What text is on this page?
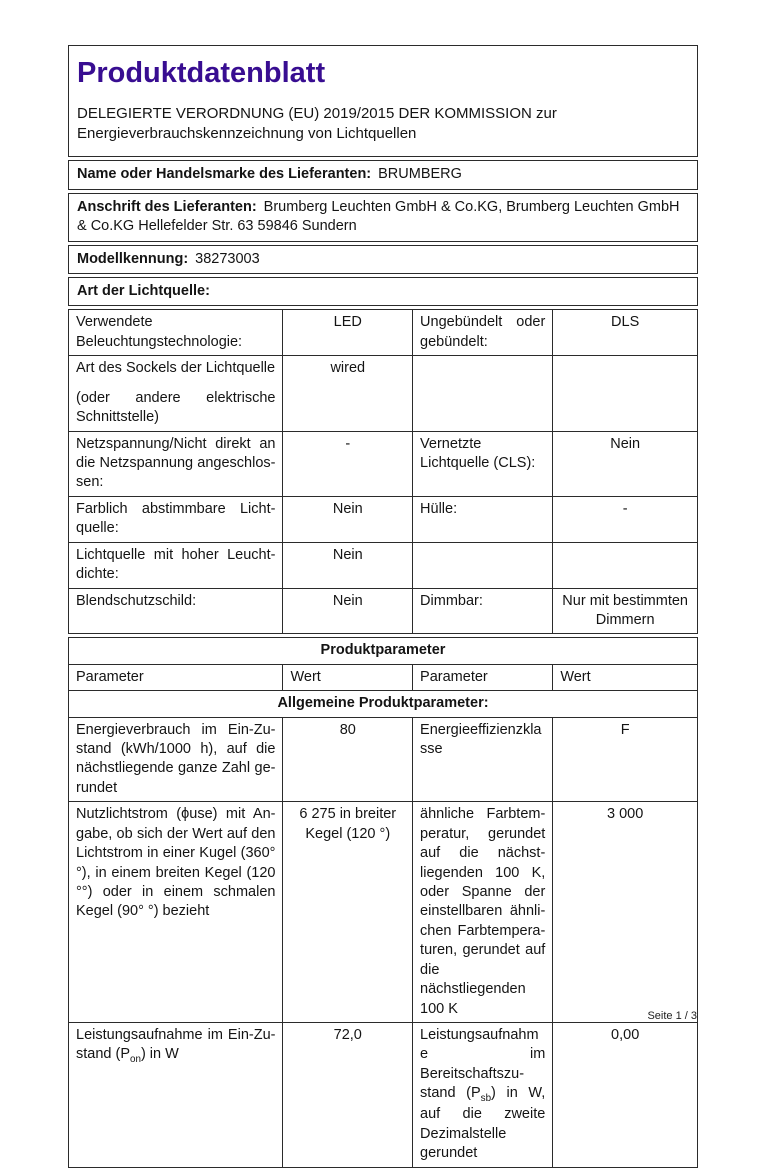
Produktdatenblatt

DELEGIERTE VERORDNUNG (EU) 2019/2015 DER KOMMISSION zur Energieverbrauchskennzeichnung von Lichtquellen

Name oder Handelsmarke des Lieferanten: BRUMBERG
Anschrift des Lieferanten: Brumberg Leuchten GmbH & Co.KG, Brumberg Leuchten GmbH & Co.KG Hellefelder Str. 63 59846 Sundern
Modellkennung: 38273003
Art der Lichtquelle:
Verwendete Beleuchtungstechnologie:	LED	Ungebündelt oder gebündelt:	DLS

Art des Sockels der Lichtquelle
(oder andere elektrische Schnittstelle)	wired		
Netzspannung/Nicht direkt an die Netzspannung angeschlossen:	-	Vernetzte Lichtquelle (CLS):	Nein
Farblich abstimmbare Lichtquelle:	Nein	Hülle:	-
Lichtquelle mit hoher Leuchtdichte:	Nein		
Blendschutzschild:	Nein	Dimmbar:	Nur mit bestimmten Dimmern
Produktparameter			
Parameter	Wert	Parameter	Wert
Allgemeine Produktparameter:			
Energieverbrauch im Ein-Zustand (kWh/1000 h), auf die nächstliegende ganze Zahl gerundet	80	Energieeffizienzklasse	F
Nutzlichtstrom (ϕuse) mit Angabe, ob sich der Wert auf den Lichtstrom in einer Kugel (360° °), in einem breiten Kegel (120 °°) oder in einem schmalen Kegel (90° °) bezieht	6 275 in breiter Kegel (120 °)	ähnliche Farbtemperatur, gerundet auf die nächstliegenden 100 K, oder Spanne der einstellbaren ähnlichen Farbtemperaturen, gerundet auf die nächstliegenden 100 K	3 000
Leistungsaufnahme im Ein-Zustand $(P_{on})$ in W	72,0	Leistungsaufnahme im Bereitschaftszustand $(P_{sb})$ in W, auf die zweite Dezimalstelle gerundet	0,00
Seite 1 / 3
